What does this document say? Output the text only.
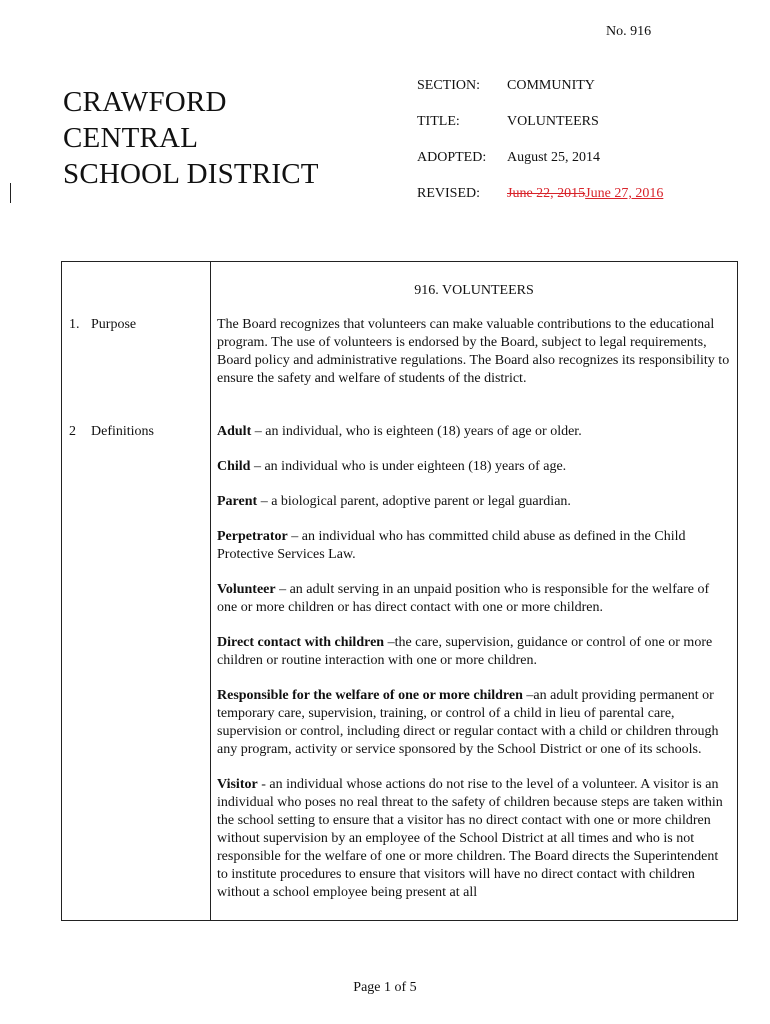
No. 916
CRAWFORD
CENTRAL
SCHOOL DISTRICT
SECTION: COMMUNITY
TITLE:	VOLUNTEERS
ADOPTED: August 25, 2014
REVISED: June 22, 2015June 27, 2016
916. VOLUNTEERS
1. Purpose	The Board recognizes that volunteers can make valuable contributions to the educational program. The use of volunteers is endorsed by the Board, subject to legal requirements, Board policy and administrative regulations. The Board also recognizes its responsibility to ensure the safety and welfare of students of the district.

2 Definitions	Adult – an individual, who is eighteen (18) years of age or older.

Child – an individual who is under eighteen (18) years of age.

Parent – a biological parent, adoptive parent or legal guardian.

Perpetrator – an individual who has committed child abuse as defined in the Child Protective Services Law.

Volunteer – an adult serving in an unpaid position who is responsible for the welfare of one or more children or has direct contact with one or more children.

Direct contact with children –the care, supervision, guidance or control of one or more children or routine interaction with one or more children.

Responsible for the welfare of one or more children –an adult providing permanent or temporary care, supervision, training, or control of a child in lieu of parental care, supervision or control, including direct or regular contact with a child or children through any program, activity or service sponsored by the School District or one of its schools.

Visitor - an individual whose actions do not rise to the level of a volunteer. A visitor is an individual who poses no real threat to the safety of children because steps are taken within the school setting to ensure that a visitor has no direct contact with one or more children without supervision by an employee of the School District at all times and who is not responsible for the welfare of one or more children. The Board directs the Superintendent to institute procedures to ensure that visitors will have no direct contact with children without a school employee being present at all

Page 1 of 5
